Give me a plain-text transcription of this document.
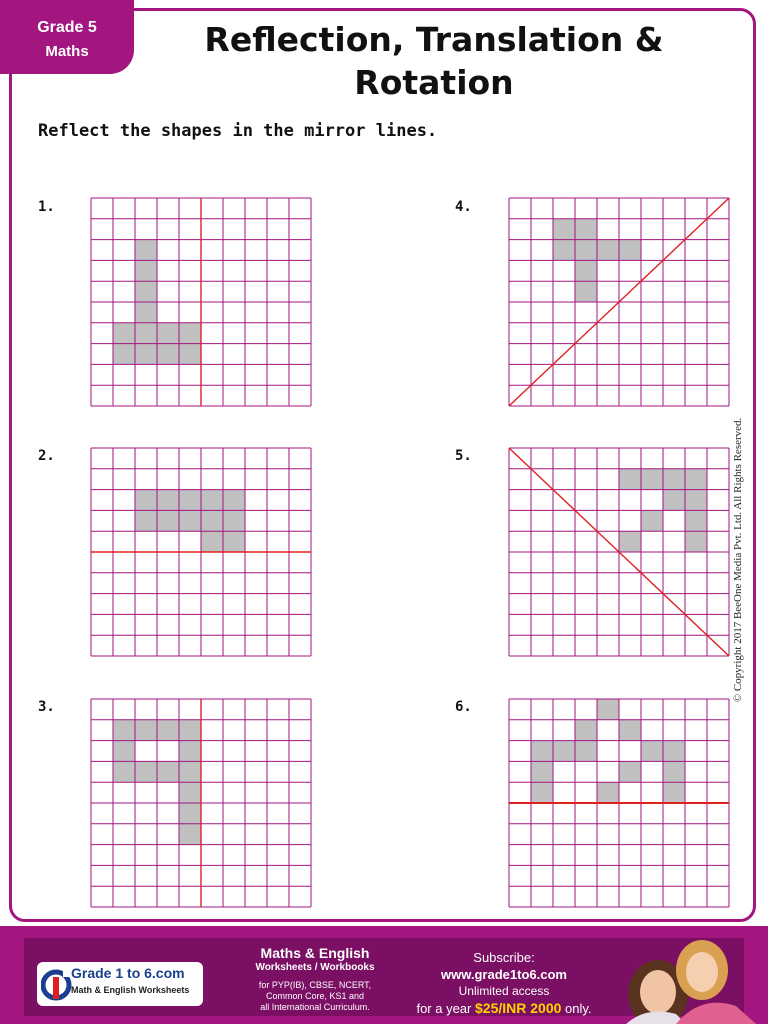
Grade 5
Maths	Reflection, Translation &
Rotation
Reflect the shapes in the mirror lines.
1.
2.
3.
4.
5.
6.
© Copyright 2017 BeeOne Media Pvt. Ltd. All Rights Reserved.
Grade 1 to 6.com
Math & English Worksheets
Maths & English
Worksheets / Workbooks
for PYP(IB), CBSE, NCERT,
Common Core, KS1 and
all International Curriculum.
Subscribe:
www.grade1to6.com
Unlimited access
for a year $25/INR 2000 only.
